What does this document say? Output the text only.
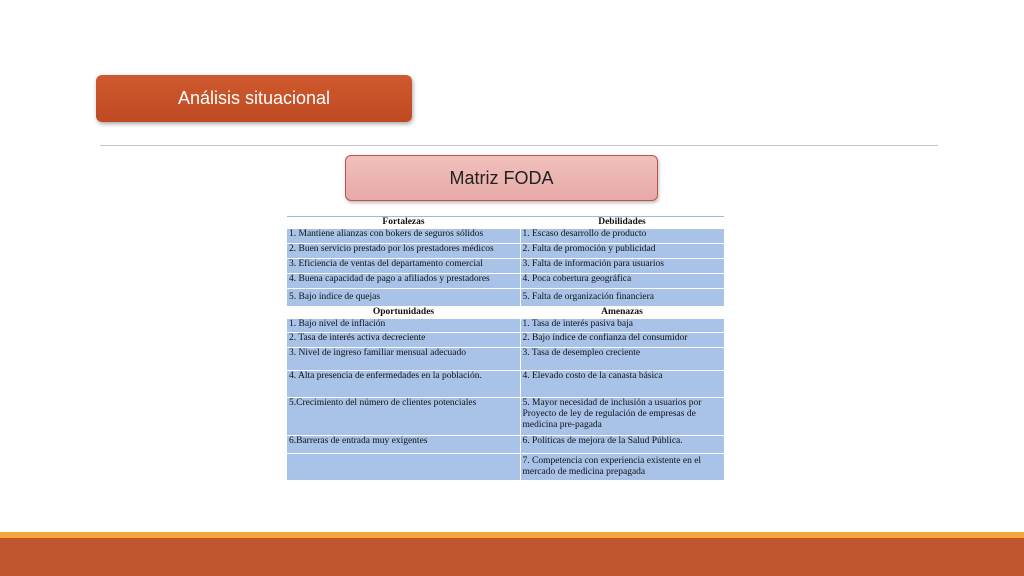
Análisis situacional
Matriz FODA
Fortalezas	Debilidades
1. Mantiene alianzas con bokers de seguros sólidos	1. Escaso desarrollo de producto
2. Buen servicio prestado por los prestadores médicos	2. Falta de promoción y publicidad
3. Eficiencia de ventas del departamento comercial	3. Falta de información para usuarios
4. Buena capacidad de pago a afiliados y prestadores	4. Poca cobertura geográfica
5. Bajo índice de quejas	5. Falta de organización financiera
Oportunidades	Amenazas
1. Bajo nivel de inflación	1. Tasa de interés pasiva baja
2. Tasa de interés activa decreciente	2. Bajo índice de confianza del consumidor
3. Nivel de ingreso familiar mensual adecuado	3. Tasa de desempleo creciente
4. Alta presencia de enfermedades en la población.	4. Elevado costo de la canasta básica
5.Crecimiento del número de clientes potenciales	5. Mayor necesidad de inclusión a usuarios por Proyecto de ley de regulación de empresas de medicina pre-pagada
6.Barreras de entrada muy exigentes	6. Políticas de mejora de la Salud Pública.
	7. Competencia con experiencia existente en el mercado de medicina prepagada
